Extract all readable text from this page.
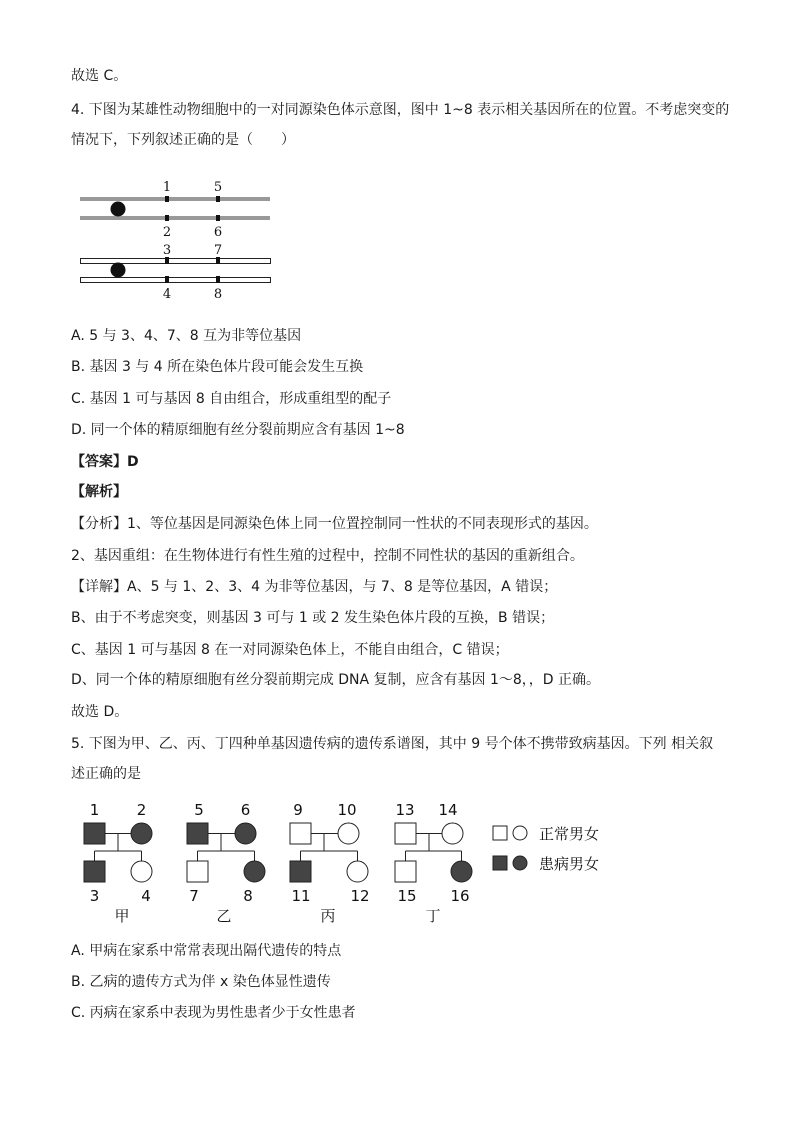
故选 C。
4. 下图为某雄性动物细胞中的一对同源染色体示意图，图中 1~8 表示相关基因所在的位置。不考虑突变的
情况下，下列叙述正确的是（　　）
A. 5 与 3、4、7、8 互为非等位基因
B. 基因 3 与 4 所在染色体片段可能会发生互换
C. 基因 1 可与基因 8 自由组合，形成重组型的配子
D. 同一个体的精原细胞有丝分裂前期应含有基因 1~8
【答案】D
【解析】
【分析】1、等位基因是同源染色体上同一位置控制同一性状的不同表现形式的基因。
2、基因重组：在生物体进行有性生殖的过程中，控制不同性状的基因的重新组合。
【详解】A、5 与 1、2、3、4 为非等位基因，与 7、8 是等位基因，A 错误；
B、由于不考虑突变，则基因 3 可与 1 或 2 发生染色体片段的互换，B 错误；
C、基因 1 可与基因 8 在一对同源染色体上，不能自由组合，C 错误；
D、同一个体的精原细胞有丝分裂前期完成 DNA 复制，应含有基因 1～8，，D 正确。
故选 D。
5. 下图为甲、乙、丙、丁四种单基因遗传病的遗传系谱图，其中 9 号个体不携带致病基因。下列 相关叙
述正确的是
A. 甲病在家系中常常表现出隔代遗传的特点
B. 乙病的遗传方式为伴 x 染色体显性遗传
C. 丙病在家系中表现为男性患者少于女性患者
1	5
2	6
3	7
4	8
1 2
3	4
甲
5 6
7	8
乙
9 10
11	12
丙
13 14
15 16
丁
正常男女
患病男女
